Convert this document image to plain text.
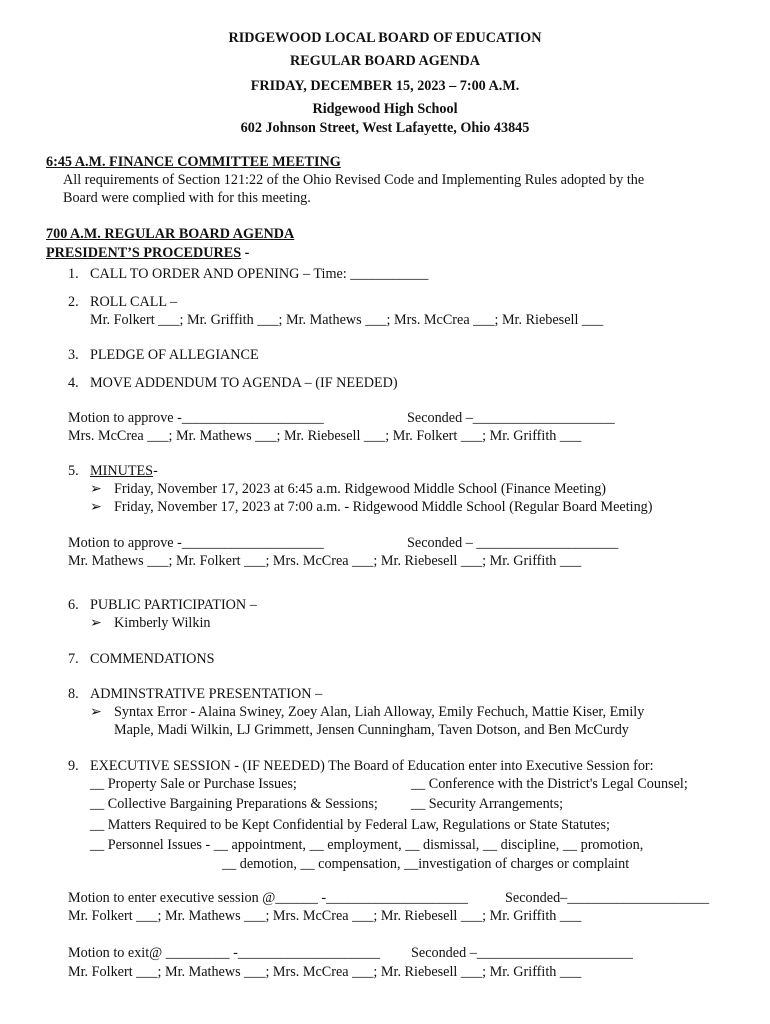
RIDGEWOOD LOCAL BOARD OF EDUCATION
REGULAR BOARD AGENDA
FRIDAY, DECEMBER 15, 2023 – 7:00 A.M.
Ridgewood High School
602 Johnson Street, West Lafayette, Ohio 43845
6:45 A.M. FINANCE COMMITTEE MEETING
All requirements of Section 121:22 of the Ohio Revised Code and Implementing Rules adopted by the
Board were complied with for this meeting.
700 A.M. REGULAR BOARD AGENDA
PRESIDENT’S PROCEDURES -
1. CALL TO ORDER AND OPENING – Time: ___________
2. ROLL CALL –
Mr. Folkert ___; Mr. Griffith ___; Mr. Mathews ___; Mrs. McCrea ___; Mr. Riebesell ___
3. PLEDGE OF ALLEGIANCE
4. MOVE ADDENDUM TO AGENDA – (IF NEEDED)
Motion to approve -____________________	Seconded –____________________
Mrs. McCrea ___; Mr. Mathews ___; Mr. Riebesell ___; Mr. Folkert ___; Mr. Griffith ___
5. MINUTES-
➢ Friday, November 17, 2023 at 6:45 a.m. Ridgewood Middle School (Finance Meeting)
➢ Friday, November 17, 2023 at 7:00 a.m. - Ridgewood Middle School (Regular Board Meeting)
Motion to approve -____________________	Seconded – ____________________
Mr. Mathews ___; Mr. Folkert ___; Mrs. McCrea ___; Mr. Riebesell ___; Mr. Griffith ___
6. PUBLIC PARTICIPATION –
➢ Kimberly Wilkin
7. COMMENDATIONS
8. ADMINSTRATIVE PRESENTATION –
➢ Syntax Error - Alaina Swiney, Zoey Alan, Liah Alloway, Emily Fechuch, Mattie Kiser, Emily
Maple, Madi Wilkin, LJ Grimmett, Jensen Cunningham, Taven Dotson, and Ben McCurdy
9. EXECUTIVE SESSION - (IF NEEDED) The Board of Education enter into Executive Session for:
__ Property Sale or Purchase Issues;	__ Conference with the District's Legal Counsel;
__ Collective Bargaining Preparations & Sessions; __ Security Arrangements;
__ Matters Required to be Kept Confidential by Federal Law, Regulations or State Statutes;
__ Personnel Issues - __ appointment, __ employment, __ dismissal, __ discipline, __ promotion,
__ demotion, __ compensation, __investigation of charges or complaint
Motion to enter executive session @______ -____________________	Seconded–____________________
Mr. Folkert ___; Mr. Mathews ___; Mrs. McCrea ___; Mr. Riebesell ___; Mr. Griffith ___
Motion to exit@ _________ -____________________ Seconded –______________________
Mr. Folkert ___; Mr. Mathews ___; Mrs. McCrea ___; Mr. Riebesell ___; Mr. Griffith ___
